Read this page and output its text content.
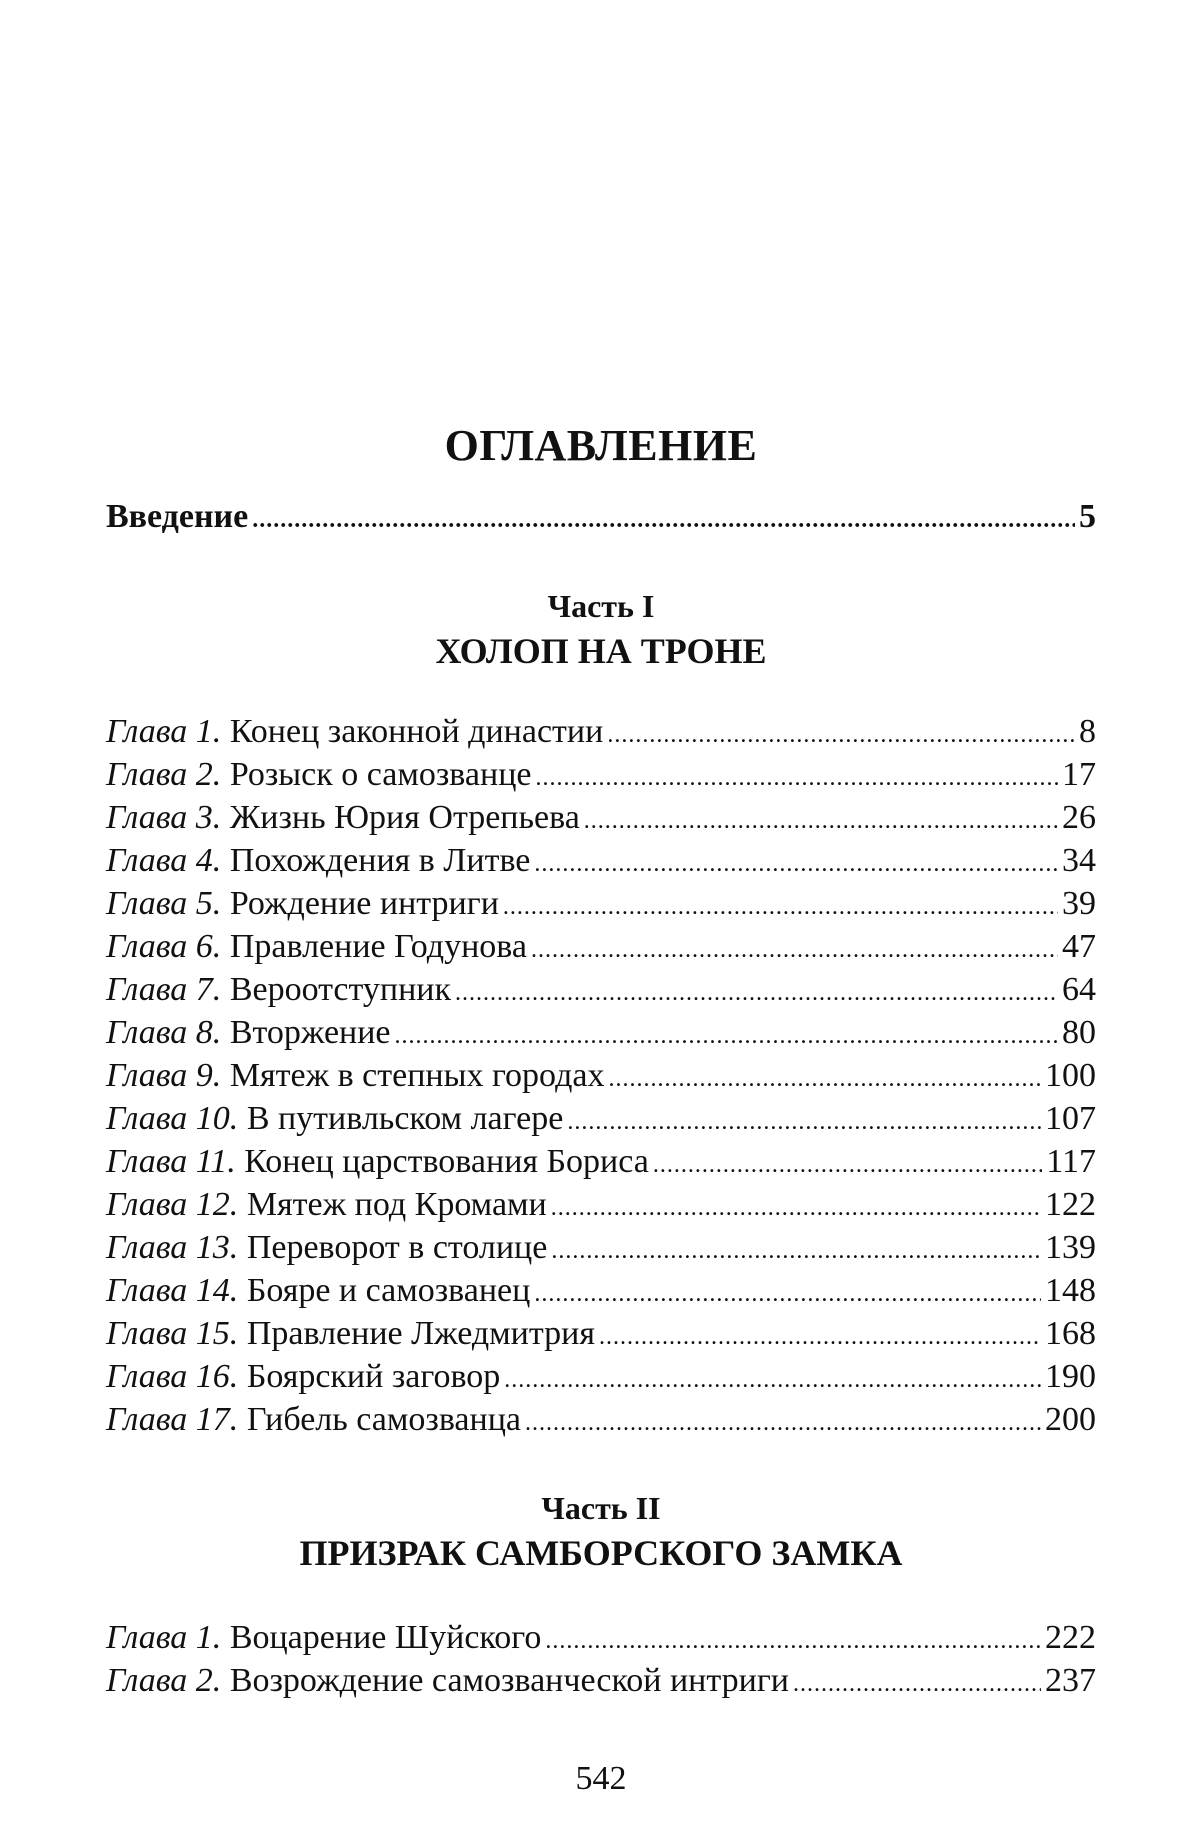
ОГЛАВЛЕНИЕ
Введение .....	5
Часть I
ХОЛОП НА ТРОНЕ
Глава 1. Конец законной династии .....	8
Глава 2. Розыск о самозванце .....	17
Глава 3. Жизнь Юрия Отрепьева .....	26
Глава 4. Похождения в Литве .....	34
Глава 5. Рождение интриги .....	39
Глава 6. Правление Годунова .....	47
Глава 7. Вероотступник .....	64
Глава 8. Вторжение .....	80
Глава 9. Мятеж в степных городах .....	100
Глава 10. В путивльском лагере .....	107
Глава 11. Конец царствования Бориса .....	117
Глава 12. Мятеж под Кромами .....	122
Глава 13. Переворот в столице .....	139
Глава 14. Бояре и самозванец .....	148
Глава 15. Правление Лжедмитрия .....	168
Глава 16. Боярский заговор .....	190
Глава 17. Гибель самозванца .....	200
Часть II
ПРИЗРАК САМБОРСКОГО ЗАМКА
Глава 1. Воцарение Шуйского .....	222
Глава 2. Возрождение самозванческой интриги .....	237
542
